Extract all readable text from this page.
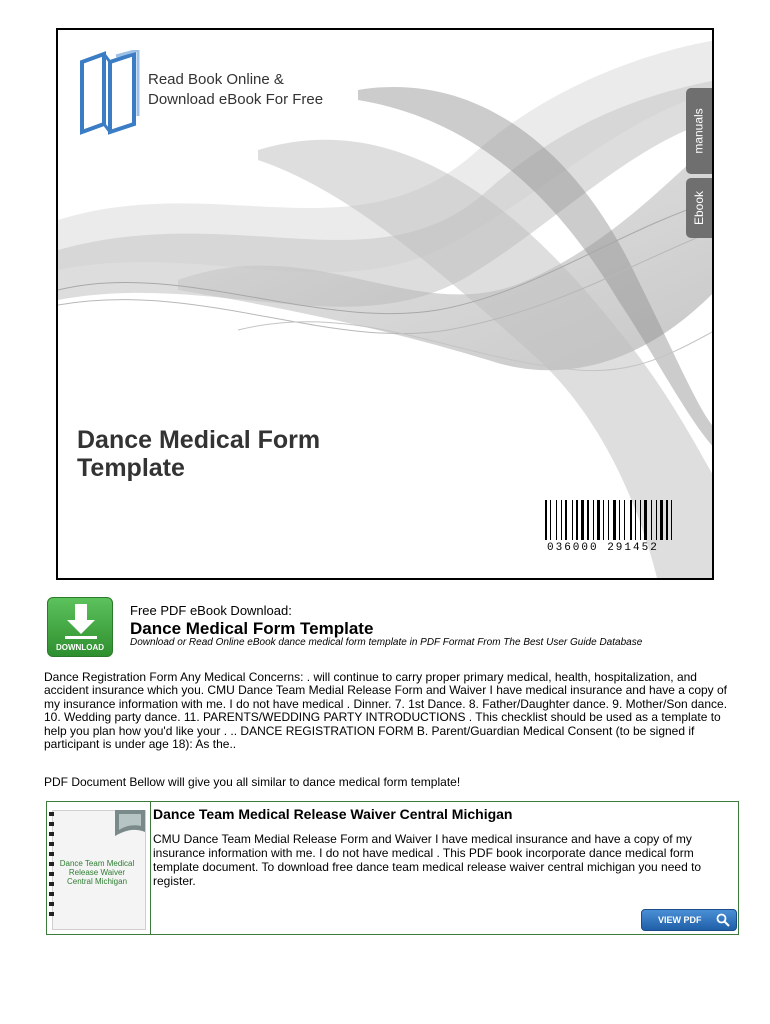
Read Book Online &
Download eBook For Free
manuals
Ebook
Dance Medical Form
Template
036000 291452
DOWNLOAD
Free PDF eBook Download:
Dance Medical Form Template
Download or Read Online eBook dance medical form template in PDF Format From The Best User Guide Database

Dance Registration Form Any Medical Concerns: . will continue to carry proper primary medical, health, hospitalization, and accident insurance which you. CMU Dance Team Medial Release Form and Waiver I have medical insurance and have a copy of my insurance information with me. I do not have medical . Dinner. 7. 1st Dance. 8. Father/Daughter dance. 9. Mother/Son dance. 10. Wedding party dance. 11. PARENTS/WEDDING PARTY INTRODUCTIONS . This checklist should be used as a template to help you plan how you'd like your . .. DANCE REGISTRATION FORM B. Parent/Guardian Medical Consent (to be signed if participant is under age 18): As the..

PDF Document Bellow will give you all similar to dance medical form template!
Dance Team Medical Release Waiver Central Michigan
Dance Team Medical Release Waiver Central Michigan

CMU Dance Team Medial Release Form and Waiver I have medical insurance and have a copy of my insurance information with me. I do not have medical . This PDF book incorporate dance medical form template document. To download free dance team medical release waiver central michigan you need to register.

VIEW PDF
